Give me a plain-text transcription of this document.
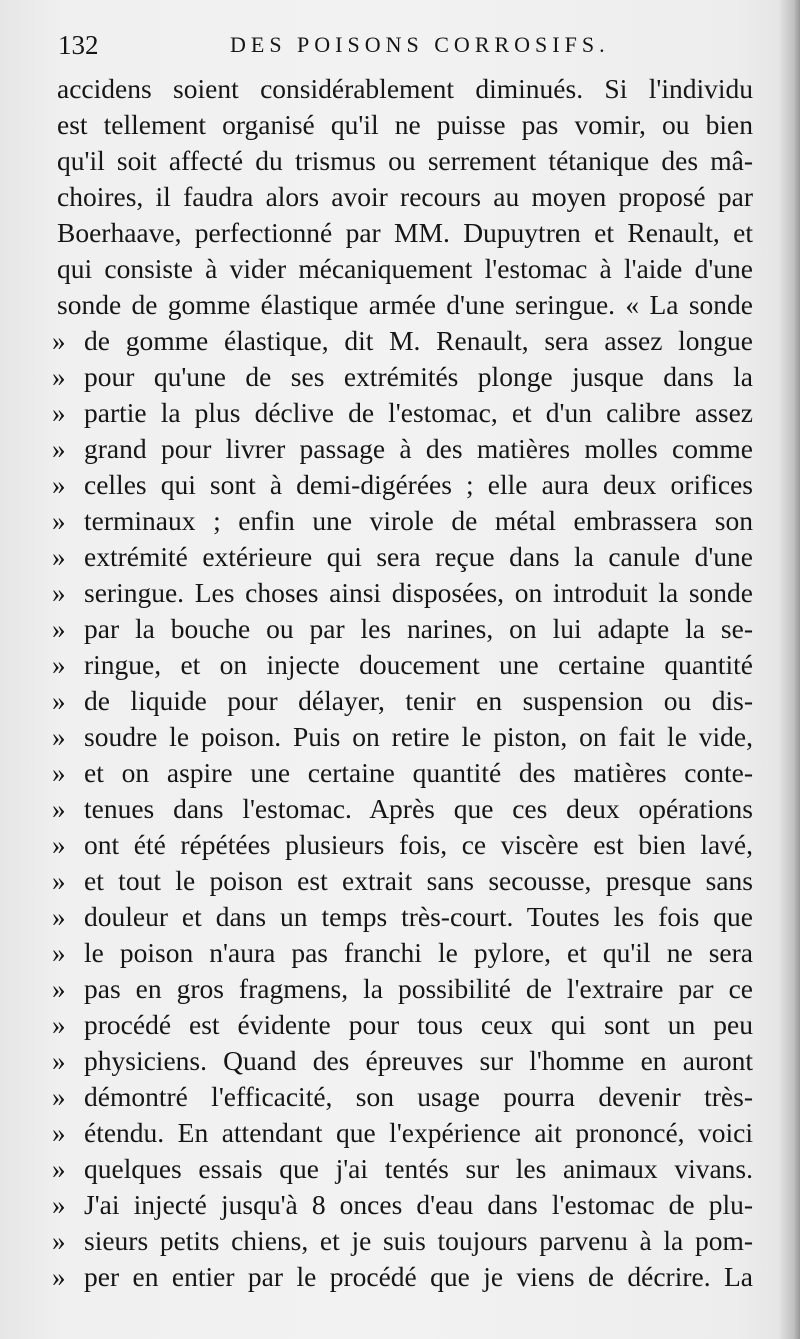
132	DES POISONS CORROSIFS.
accidens soient considérablement diminués. Si l'individu
est tellement organisé qu'il ne puisse pas vomir, ou bien
qu'il soit affecté du trismus ou serrement tétanique des mâ-
choires, il faudra alors avoir recours au moyen proposé par
Boerhaave, perfectionné par MM. Dupuytren et Renault, et
qui consiste à vider mécaniquement l'estomac à l'aide d'une
sonde de gomme élastique armée d'une seringue. « La sonde
» de gomme élastique, dit M. Renault, sera assez longue
» pour qu'une de ses extrémités plonge jusque dans la
» partie la plus déclive de l'estomac, et d'un calibre assez
» grand pour livrer passage à des matières molles comme
» celles qui sont à demi-digérées ; elle aura deux orifices
» terminaux ; enfin une virole de métal embrassera son
» extrémité extérieure qui sera reçue dans la canule d'une
» seringue. Les choses ainsi disposées, on introduit la sonde
» par la bouche ou par les narines, on lui adapte la se-
» ringue, et on injecte doucement une certaine quantité
» de liquide pour délayer, tenir en suspension ou dis-
» soudre le poison. Puis on retire le piston, on fait le vide,
» et on aspire une certaine quantité des matières conte-
» tenues dans l'estomac. Après que ces deux opérations
» ont été répétées plusieurs fois, ce viscère est bien lavé,
» et tout le poison est extrait sans secousse, presque sans
» douleur et dans un temps très-court. Toutes les fois que
» le poison n'aura pas franchi le pylore, et qu'il ne sera
» pas en gros fragmens, la possibilité de l'extraire par ce
» procédé est évidente pour tous ceux qui sont un peu
» physiciens. Quand des épreuves sur l'homme en auront
» démontré l'efficacité, son usage pourra devenir très-
» étendu. En attendant que l'expérience ait prononcé, voici
» quelques essais que j'ai tentés sur les animaux vivans.
» J'ai injecté jusqu'à 8 onces d'eau dans l'estomac de plu-
» sieurs petits chiens, et je suis toujours parvenu à la pom-
» per en entier par le procédé que je viens de décrire. La
